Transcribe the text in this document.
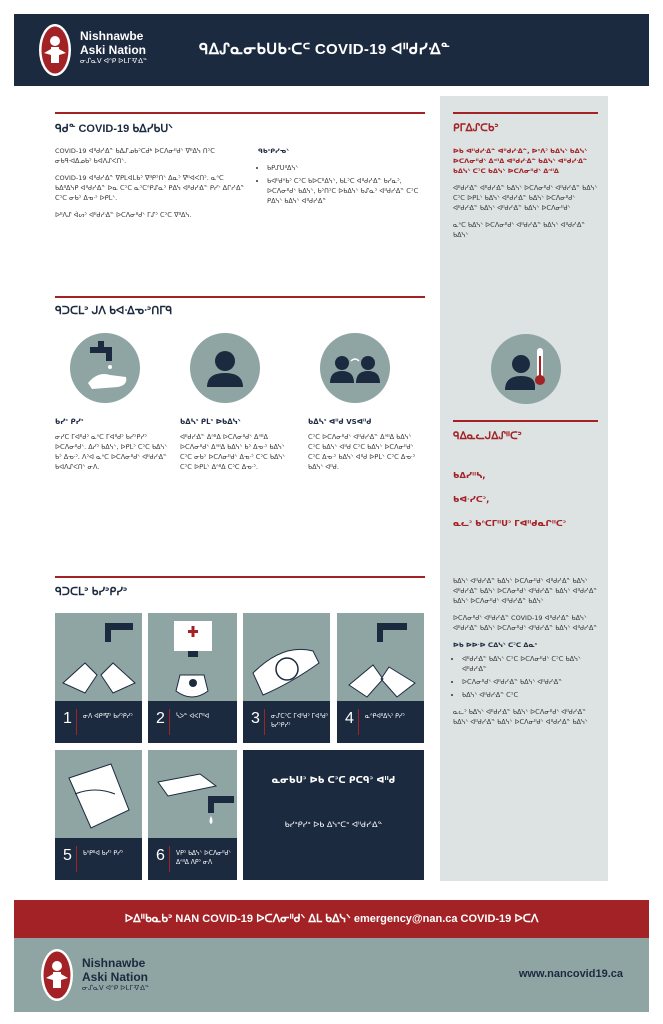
Nishnawbe
Aski Nation
ᓂᔑᓇᐯ ᐊᐢᑭ ᐅᒪᒥᐌᐎᓐ
ᑫᐃᔑᓇᓂᑲᑌᑲᐧᑕᒼ COVID-19 ᐊᐦᑯᓯᐎᓐ
ᑫᑯᓐ COVID-19 ᑲᐃᓯᑲᑌᐠ

COVID-19 ᐊᐦᑯᓯᐎᓐ ᑲᐃᔑᓄᑲᐣᑕᑯᒃ ᐅᑕᐱᓂᐦᑯᐠ ᐁᐦᐃᓭ ᑎᐣᑕ ᓂᑲᑫᐗᐃᓄᑲᐣ ᑲᐊᐱᔑᐸᑎᐠ.

COVID-19 ᐊᐦᑯᓯᐎᓐ ᐁᑭᒪᐊᒪᑲᐣ ᐁᐦᑭᐣᑎᐠ ᐃᓇᐣ ᐁᐦᐊᐸᑎᐣ. ᓇᐢᑕ ᑲᐃᐦᐃᓭᑭ ᐊᐦᑯᓯᐎᓐ ᐅᓇ ᑕᐣᑕ ᓇᐣᑕᐢᑭᔑᓇᐣ ᑭᐃᓭ ᐊᐦᑯᓯᐎᓐ ᑭᓯᐠ ᐃᒋᓯᐎᓐ ᑕᐣᑕ ᓂᑲᐣ ᐃᓀᐧᐣ ᐅᑭᒪᐠ.

ᐅᐦᐱᔑ ᐋᔕᐣ ᐊᐦᑯᓯᐎᓐ ᐅᑕᐱᓂᐦᑯᐠ ᒥᔑᐣ ᑕᐣᑕ ᐁᐦᐃᓭ.

ᑫᑲᐢᑭᓯᓀᐠ

• ᑲᑭᔑᑌᐦᐃᓭᐠ
• ᑲᐊᐦᑯᐢᑲᐣ ᑕᐣᑕ ᑲᐅᑕᐦᐃᓭᐠ, ᑲᒪᐣᑕ ᐊᐦᑯᓯᐎᓐ ᑲᓯᓇᐣ, ᐅᑕᐱᓂᐦᑯᐠ ᑲᐃᓭᐠ, ᑲᐣᑎᐣᑕ ᐅᑲᐃᓭᐠ ᑲᔑᓇᐣ ᐊᐦᑯᓯᐎᓐ ᑕᐣᑕ ᑭᐃᓭᐠ ᑲᐃᓭᐠ ᐊᐦᑯᓯᐎᓐ
ᑫᑐᑕᒪᐣ ᒍᐱ ᑲᐊᐧᐃᓀᐧᐣᑎᒥᑫ
ᑲᓯᐣ ᑭᓯᐣ
ᓂᓯᑕ ᒥᐊᐦᑯᐣ ᓇᐢᑕ ᒥᐊᐦᑯᐣ ᑲᓯᐣᑭᓯᐣ ᐅᑕᐱᓂᐦᑯᐠ. ᐃᓯᐣ ᑲᐃᓭᐠ, ᐅᑭᒪᐣ ᑕᐣᑕ ᑲᐃᓭᐠ ᑲᐣ ᐃᓀᐧᐣ. ᐱᐣᐊ ᓇᐢᑕ ᐅᑕᐱᓂᐦᑯᐠ ᐊᐦᑯᓯᐎᓐ ᑲᐊᐱᔑᐸᑎᐠ ᓂᐱ.
ᑲᐃᓴᐣ ᑭᒪᐣ ᐅᑲᐃᓭᐠ
ᐊᐦᑯᓯᐎᓐ ᐃᐢᐦᐃ ᐅᑕᐱᓂᐦᑯᐠ ᐃᐢᐦᐃ ᐅᑕᐱᓂᐦᑯᐠ ᐃᐢᐦᐃ ᑲᐃᓭᐠ ᑲᐣ ᐃᓀᐧᐣ ᑲᐃᓭᐠ ᑕᐣᑕ ᓂᑲᐣ ᐅᑕᐱᓂᐦᑯᐠ ᐃᓀᐧᐣ ᑕᐣᑕ ᑲᐃᓭᐠ ᑕᐣᑕ ᐅᑭᒪᐠ ᐃᐢᐦᐃ ᑕᐣᑕ ᐃᓀᐧᐣ.
ᑲᐃᓴᐣ ᐊᐦᑯ VSᐊᐦᑯ
ᑕᐣᑕ ᐅᑕᐱᓂᐦᑯᐠ ᐊᐦᑯᓯᐎᓐ ᐃᐢᐦᐃ ᑲᐃᓭᐠ ᑕᐣᑕ ᑲᐃᓭᐠ ᐊᐦᑯ ᑕᐣᑕ ᑲᐃᓭᐠ ᐅᑕᐱᓂᐦᑯᐠ ᑕᐣᑕ ᐃᓀᐧᐣ ᑲᐃᓭᐠ ᐊᐦᑯ ᐅᑭᒪᐠ ᑕᐣᑕ ᐃᓀᐧᐣ ᑲᐃᓭᐠ ᐊᐦᑯ.
ᑫᑐᑕᒪᐣ ᑲᓯᐣᑭᓯᐣ
1 ᓂᐱ ᐊᑭᐦᐁᐣ ᑲᓯᐣᑭᓯᐣ 2 ᓵᐳᓐ ᐊᐸᒋᐦᐊ	3 ᓂᔑᑕᐣᑕ ᒥᐊᐦᑯᐣ ᒥᐊᐦᑯᐣ ᑲᓯᐣᑭᓯᐣ	4 ᓇᐢᑭᐊᐦᐃᓴᐣ ᑭᓯᐣ
5 ᑲᐢᑭᐦᐊ ᑲᓯᐣ ᑭᓯᐣ 6 ᐯᑭᐣ ᑲᐃᓭᐠ ᐅᑕᐱᓂᐦᑯᐠ ᐃᐢᐦᐃ ᐱᑭᐣ ᓂᐱ
ᓇᓂᑲᑌᐣ ᐅᑲ ᑕᐣᑕ ᑭᑕᑫᐣ ᐊᐦᑯ
ᑲᓯᐣᑭᓯᐣ ᐅᑲ ᐃᓭᐣᑕᐣ ᐊᐦᑯᓯᐎᓐ
ᑭᒥᐃᔑᑕᑲᐣ

ᐅᑲ ᐊᐦᑯᓯᐎᓐ ᐊᐦᑯᓯᐎᓐ, ᐅᐢᐱᐣ ᑲᐃᓭᐠ ᑲᐃᓭᐠ ᐅᑕᐱᓂᐦᑯᐠ ᐃᐢᐦᐃ ᐊᐦᑯᓯᐎᓐ ᑲᐃᓭᐠ ᐊᐦᑯᓯᐎᓐ ᑲᐃᓭᐠ ᑕᐣᑕ ᑲᐃᓭᐠ ᐅᑕᐱᓂᐦᑯᐠ ᐃᐢᐦᐃ

ᐊᐦᑯᓯᐎᓐ ᐊᐦᑯᓯᐎᓐ ᑲᐃᓭᐠ ᐅᑕᐱᓂᐦᑯᐠ ᐊᐦᑯᓯᐎᓐ ᑲᐃᓭᐠ ᑕᐣᑕ ᐅᑭᒪᐠ ᑲᐃᓭᐠ ᐊᐦᑯᓯᐎᓐ ᑲᐃᓭᐠ ᐅᑕᐱᓂᐦᑯᐠ ᐊᐦᑯᓯᐎᓐ ᑲᐃᓭᐠ ᐊᐦᑯᓯᐎᓐ ᑲᐃᓭᐠ ᐅᑕᐱᓂᐦᑯᐠ

ᓇᐢᑕ ᑲᐃᓭᐠ ᐅᑕᐱᓂᐦᑯᐠ ᐊᐦᑯᓯᐎᓐ ᑲᐃᓭᐠ ᐊᐦᑯᓯᐎᓐ ᑲᐃᓭᐠ

ᑫᐃᓇᓚᒍᐃᔑᐦᑕᐣ
ᑲᐃᓯᐦᓴ,
ᑲᐊᐧᓯᑕᐣ,
ᓇᓚᐣ ᑲᐢᑕᒥᐦᑌᐣ ᒥᐊᐦᑯᓇᒋᐦᑕᐣ

ᑲᐃᓭᐠ ᐊᐦᑯᓯᐎᓐ ᑲᐃᓭᐠ ᐅᑕᐱᓂᐦᑯᐠ ᐊᐦᑯᓯᐎᓐ ᑲᐃᓭᐠ ᐊᐦᑯᓯᐎᓐ ᑲᐃᓭᐠ ᐅᑕᐱᓂᐦᑯᐠ ᐊᐦᑯᓯᐎᓐ ᑲᐃᓭᐠ ᐊᐦᑯᓯᐎᓐ ᑲᐃᓭᐠ ᐅᑕᐱᓂᐦᑯᐠ ᐊᐦᑯᓯᐎᓐ ᑲᐃᓭᐠ

ᐅᑕᐱᓂᐦᑯᐠ ᐊᐦᑯᓯᐎᓐ COVID-19 ᐊᐦᑯᓯᐎᓐ ᑲᐃᓭᐠ ᐊᐦᑯᓯᐎᓐ ᑲᐃᓭᐠ ᐅᑕᐱᓂᐦᑯᐠ ᐊᐦᑯᓯᐎᓐ ᑲᐃᓭᐠ ᐊᐦᑯᓯᐎᓐ

ᐅᑲ ᐅᐅᐧᐅ ᑕᐃᓭᐠ ᑕᐣᑕ ᐃᓇᐢ

• ᐊᐦᑯᓯᐎᓐ ᑲᐃᓭᐠ ᑕᐣᑕ ᐅᑕᐱᓂᐦᑯᐠ ᑕᐣᑕ ᑲᐃᓭᐠ ᐊᐦᑯᓯᐎᓐ
• ᐅᑕᐱᓂᐦᑯᐠ ᐊᐦᑯᓯᐎᓐ ᑲᐃᓭᐠ ᐊᐦᑯᓯᐎᓐ
• ᑲᐃᓭᐠ ᐊᐦᑯᓯᐎᓐ ᑕᐣᑕ

ᓇᓚᐣ ᑲᐃᓭᐠ ᐊᐦᑯᓯᐎᓐ ᑲᐃᓭᐠ ᐅᑕᐱᓂᐦᑯᐠ ᐊᐦᑯᓯᐎᓐ ᑲᐃᓭᐠ ᐊᐦᑯᓯᐎᓐ ᑲᐃᓭᐠ ᐅᑕᐱᓂᐦᑯᐠ ᐊᐦᑯᓯᐎᓐ ᑲᐃᓭᐠ

ᐅᐃᐦᑲᓇᑲᐣ NAN COVID-19 ᐅᑕᐱᓂᐦᑯᐠ ᐃᒪ ᑲᐃᓭᐠ emergency@nan.ca COVID-19 ᐅᑕᐱ
Nishnawbe
Aski Nation
ᓂᔑᓇᐯ ᐊᐢᑭ ᐅᒪᒥᐌᐎᓐ
www.nancovid19.ca
